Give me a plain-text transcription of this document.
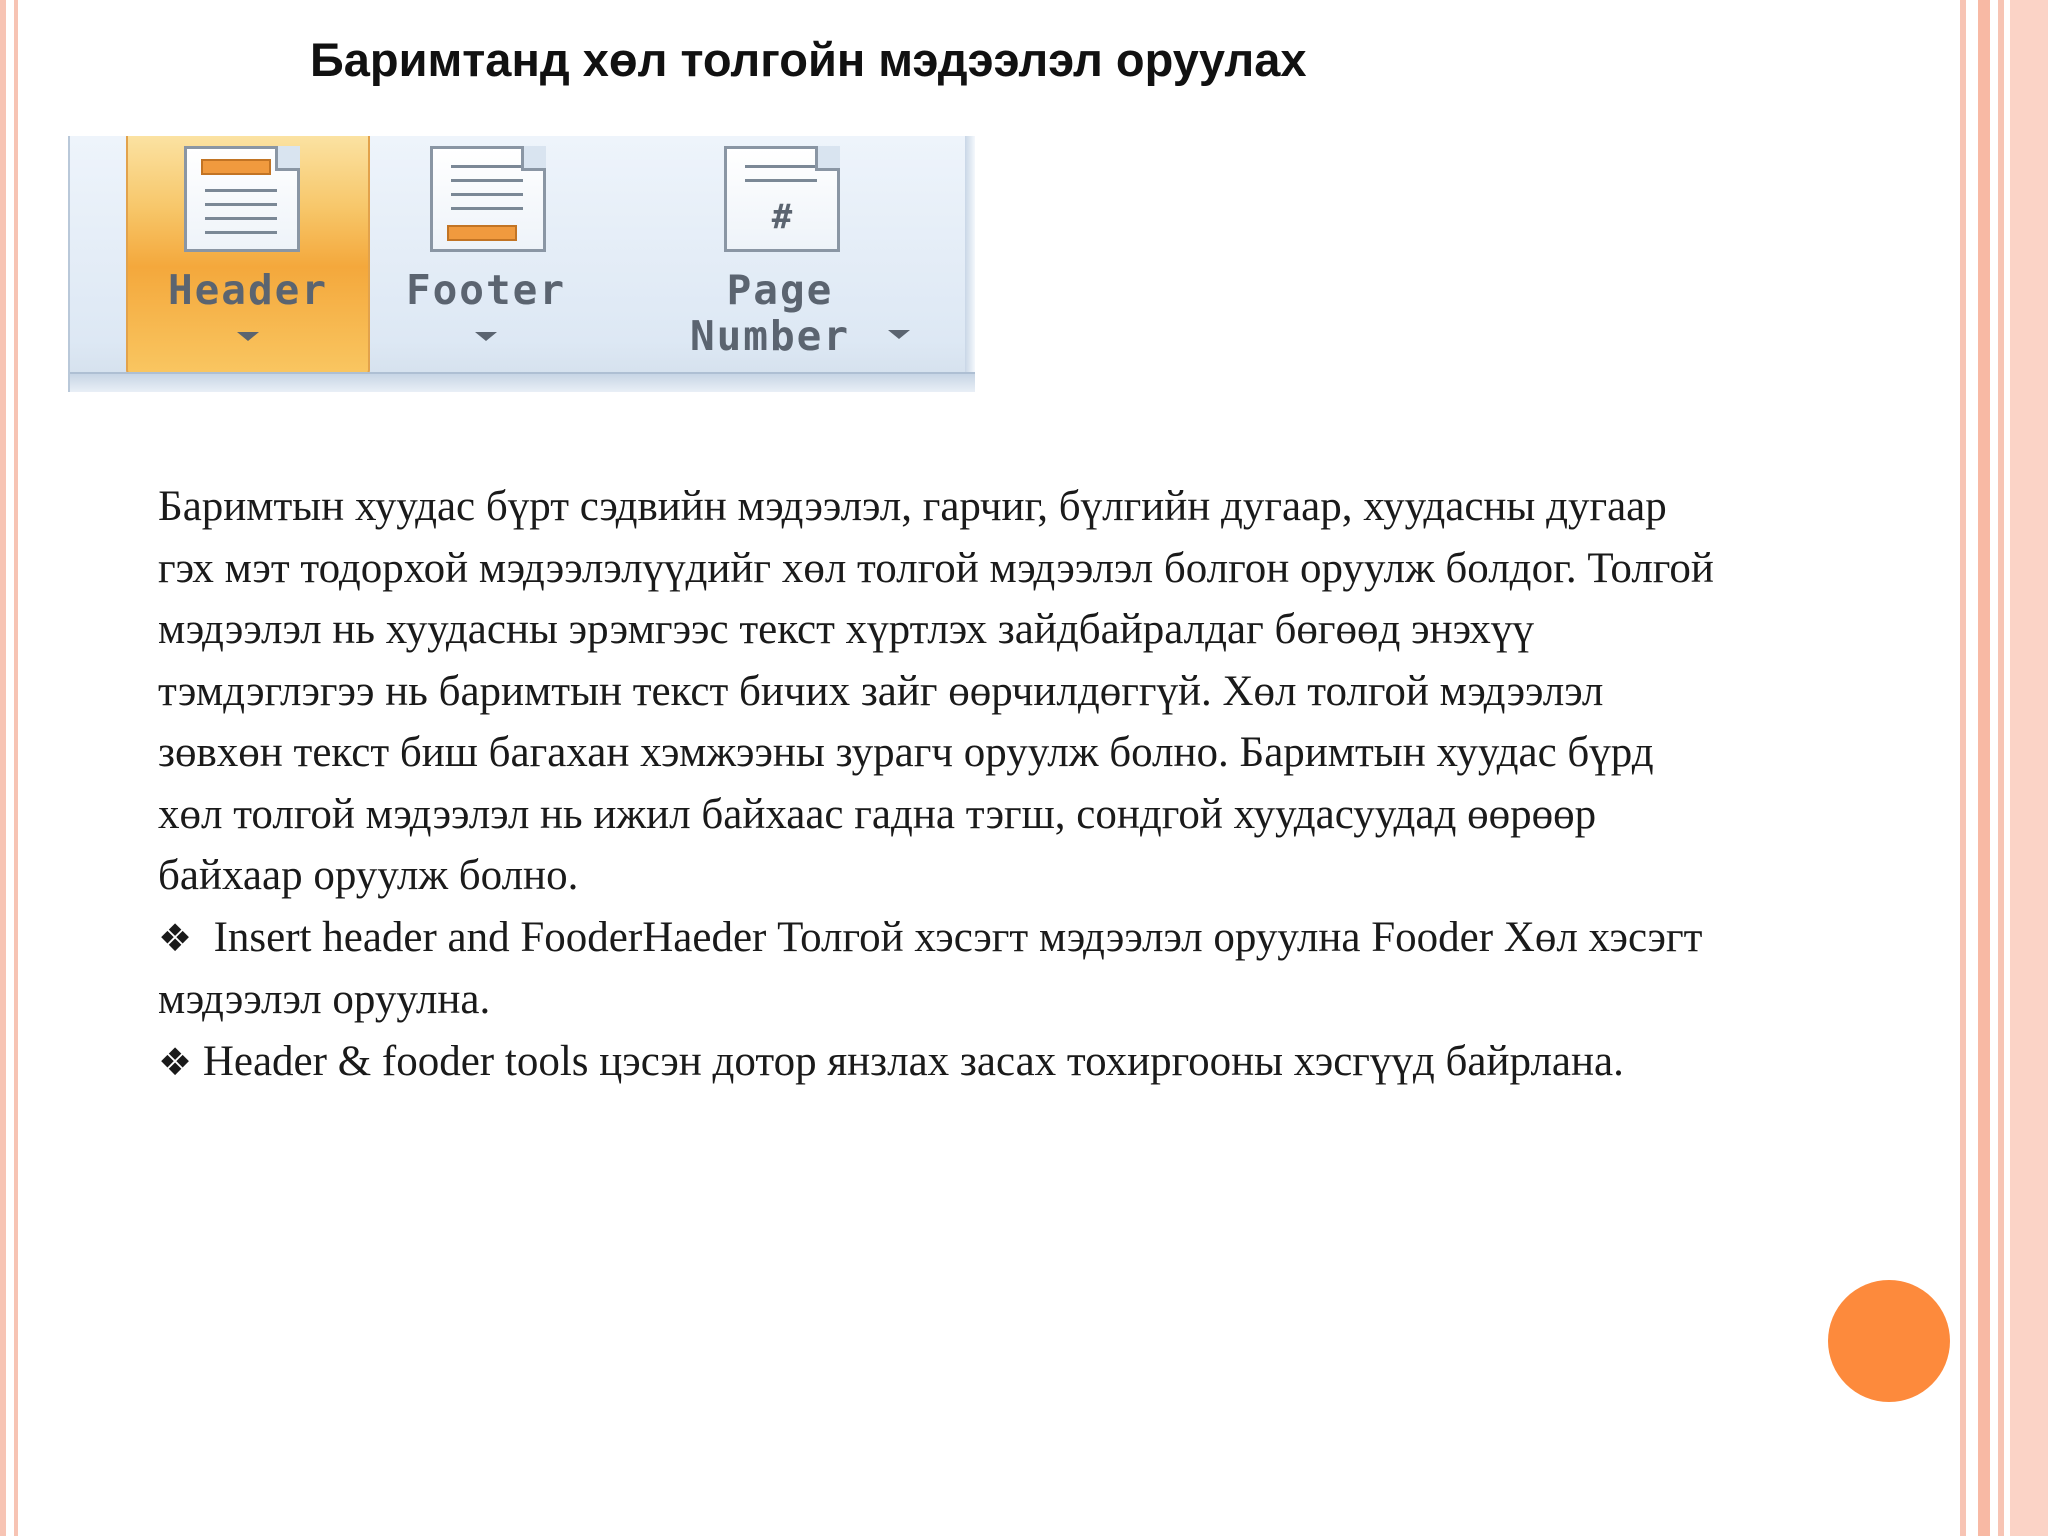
Баримтанд хөл толгойн мэдээлэл оруулах
Header	Footer
#
Page
Number

Баримтын хуудас бүрт сэдвийн мэдээлэл, гарчиг, бүлгийн дугаар, хуудасны дугаар гэх мэт тодорхой мэдээлэлүүдийг хөл толгой мэдээлэл болгон оруулж болдог. Толгой мэдээлэл нь хуудасны эрэмгээс текст хүртлэх зайдбайралдаг бөгөөд энэхүү тэмдэглэгээ нь баримтын текст бичих зайг өөрчилдөггүй. Хөл толгой мэдээлэл зөвхөн текст биш багахан хэмжээны зурагч оруулж болно. Баримтын хуудас бүрд хөл толгой мэдээлэл нь ижил байхаас гадна тэгш, сондгой хуудасуудад өөрөөр байхаар оруулж болно.

❖ Insert header and FooderHaeder Толгой хэсэгт мэдээлэл оруулна Fooder Хөл хэсэгт мэдээлэл оруулна.

❖ Header & fooder tools цэсэн дотор янзлах засах тохиргооны хэсгүүд байрлана.
